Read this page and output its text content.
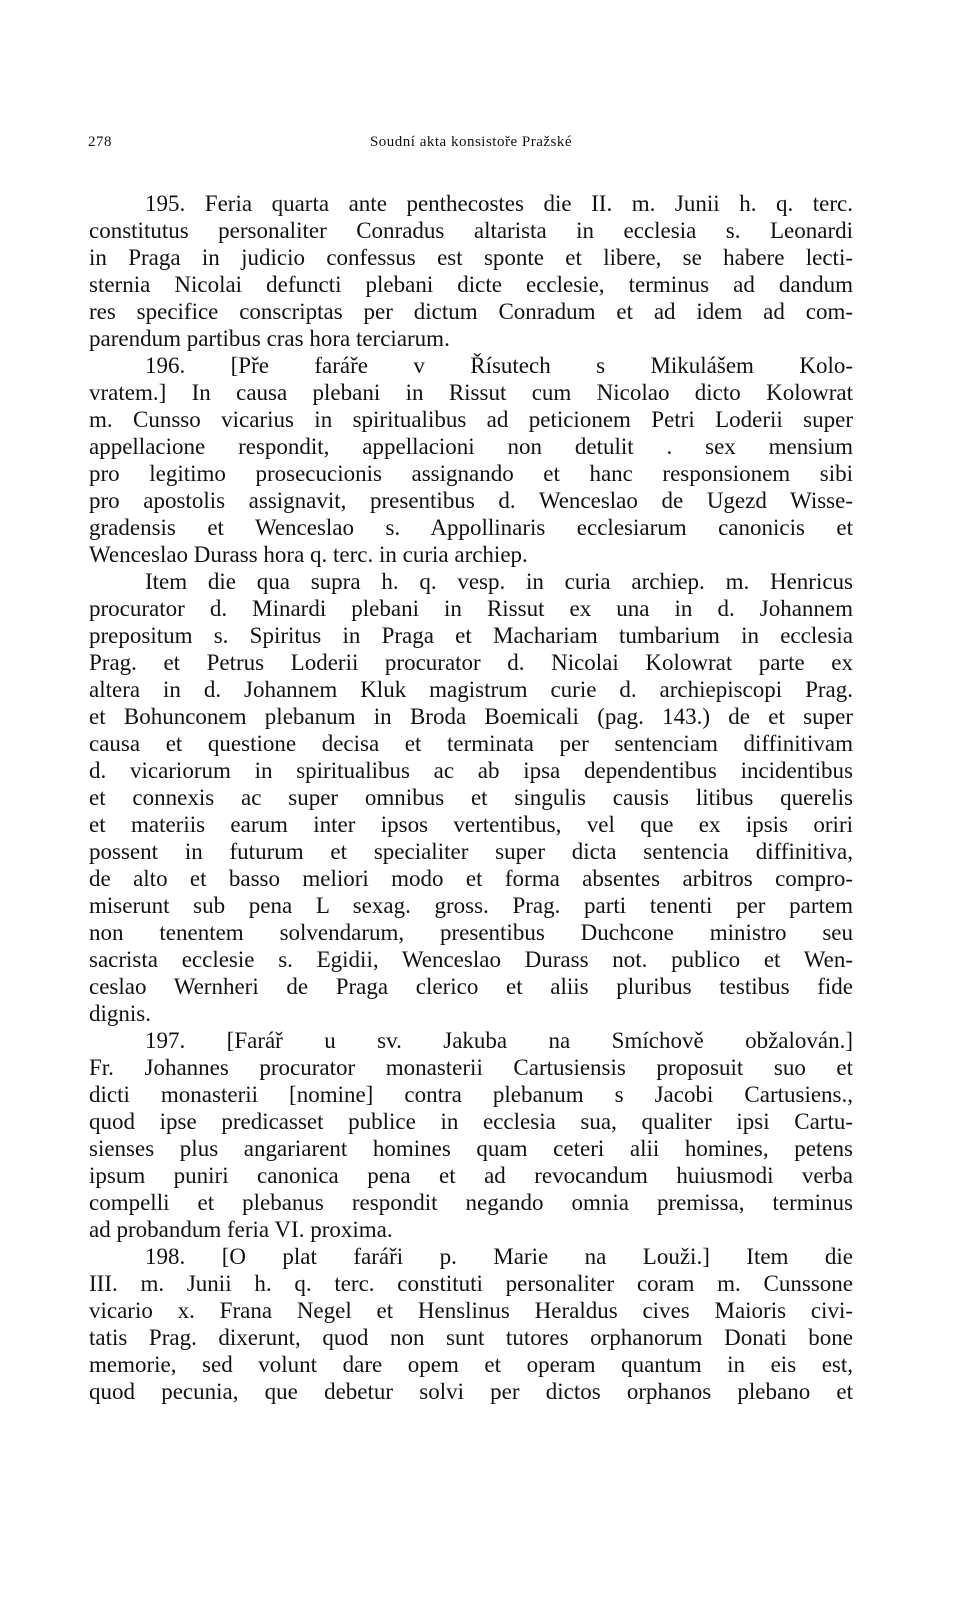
278	Soudní akta konsistoře Pražské
195. Feria quarta ante penthecostes die II. m. Junii h. q. terc.
constitutus personaliter Conradus altarista in ecclesia s. Leonardi
in Praga in judicio confessus est sponte et libere, se habere lecti-
sternia Nicolai defuncti plebani dicte ecclesie, terminus ad dandum
res specifice conscriptas per dictum Conradum et ad idem ad com-
parendum partibus cras hora terciarum.
196. [Pře faráře v Řísutech s Mikulášem Kolo-
vratem.] In causa plebani in Rissut cum Nicolao dicto Kolowrat
m. Cunsso vicarius in spiritualibus ad peticionem Petri Loderii super
appellacione respondit, appellacioni non detulit . sex mensium
pro legitimo prosecucionis assignando et hanc responsionem sibi
pro apostolis assignavit, presentibus d. Wenceslao de Ugezd Wisse-
gradensis et Wenceslao s. Appollinaris ecclesiarum canonicis et
Wenceslao Durass hora q. terc. in curia archiep.
Item die qua supra h. q. vesp. in curia archiep. m. Henricus
procurator d. Minardi plebani in Rissut ex una in d. Johannem
prepositum s. Spiritus in Praga et Machariam tumbarium in ecclesia
Prag. et Petrus Loderii procurator d. Nicolai Kolowrat parte ex
altera in d. Johannem Kluk magistrum curie d. archiepiscopi Prag.
et Bohunconem plebanum in Broda Boemicali (pag. 143.) de et super
causa et questione decisa et terminata per sentenciam diffinitivam
d. vicariorum in spiritualibus ac ab ipsa dependentibus incidentibus
et connexis ac super omnibus et singulis causis litibus querelis
et materiis earum inter ipsos vertentibus, vel que ex ipsis oriri
possent in futurum et specialiter super dicta sentencia diffinitiva,
de alto et basso meliori modo et forma absentes arbitros compro-
miserunt sub pena L sexag. gross. Prag. parti tenenti per partem
non tenentem solvendarum, presentibus Duchcone ministro seu
sacrista ecclesie s. Egidii, Wenceslao Durass not. publico et Wen-
ceslao Wernheri de Praga clerico et aliis pluribus testibus fide
dignis.
197. [Farář u sv. Jakuba na Smíchově obžalován.]
Fr. Johannes procurator monasterii Cartusiensis proposuit suo et
dicti monasterii [nomine] contra plebanum s Jacobi Cartusiens.,
quod ipse predicasset publice in ecclesia sua, qualiter ipsi Cartu-
sienses plus angariarent homines quam ceteri alii homines, petens
ipsum puniri canonica pena et ad revocandum huiusmodi verba
compelli et plebanus respondit negando omnia premissa, terminus
ad probandum feria VI. proxima.
198. [O plat faráři p. Marie na Louži.] Item die
III. m. Junii h. q. terc. constituti personaliter coram m. Cunssone
vicario x. Frana Negel et Henslinus Heraldus cives Maioris civi-
tatis Prag. dixerunt, quod non sunt tutores orphanorum Donati bone
memorie, sed volunt dare opem et operam quantum in eis est,
quod pecunia, que debetur solvi per dictos orphanos plebano et
